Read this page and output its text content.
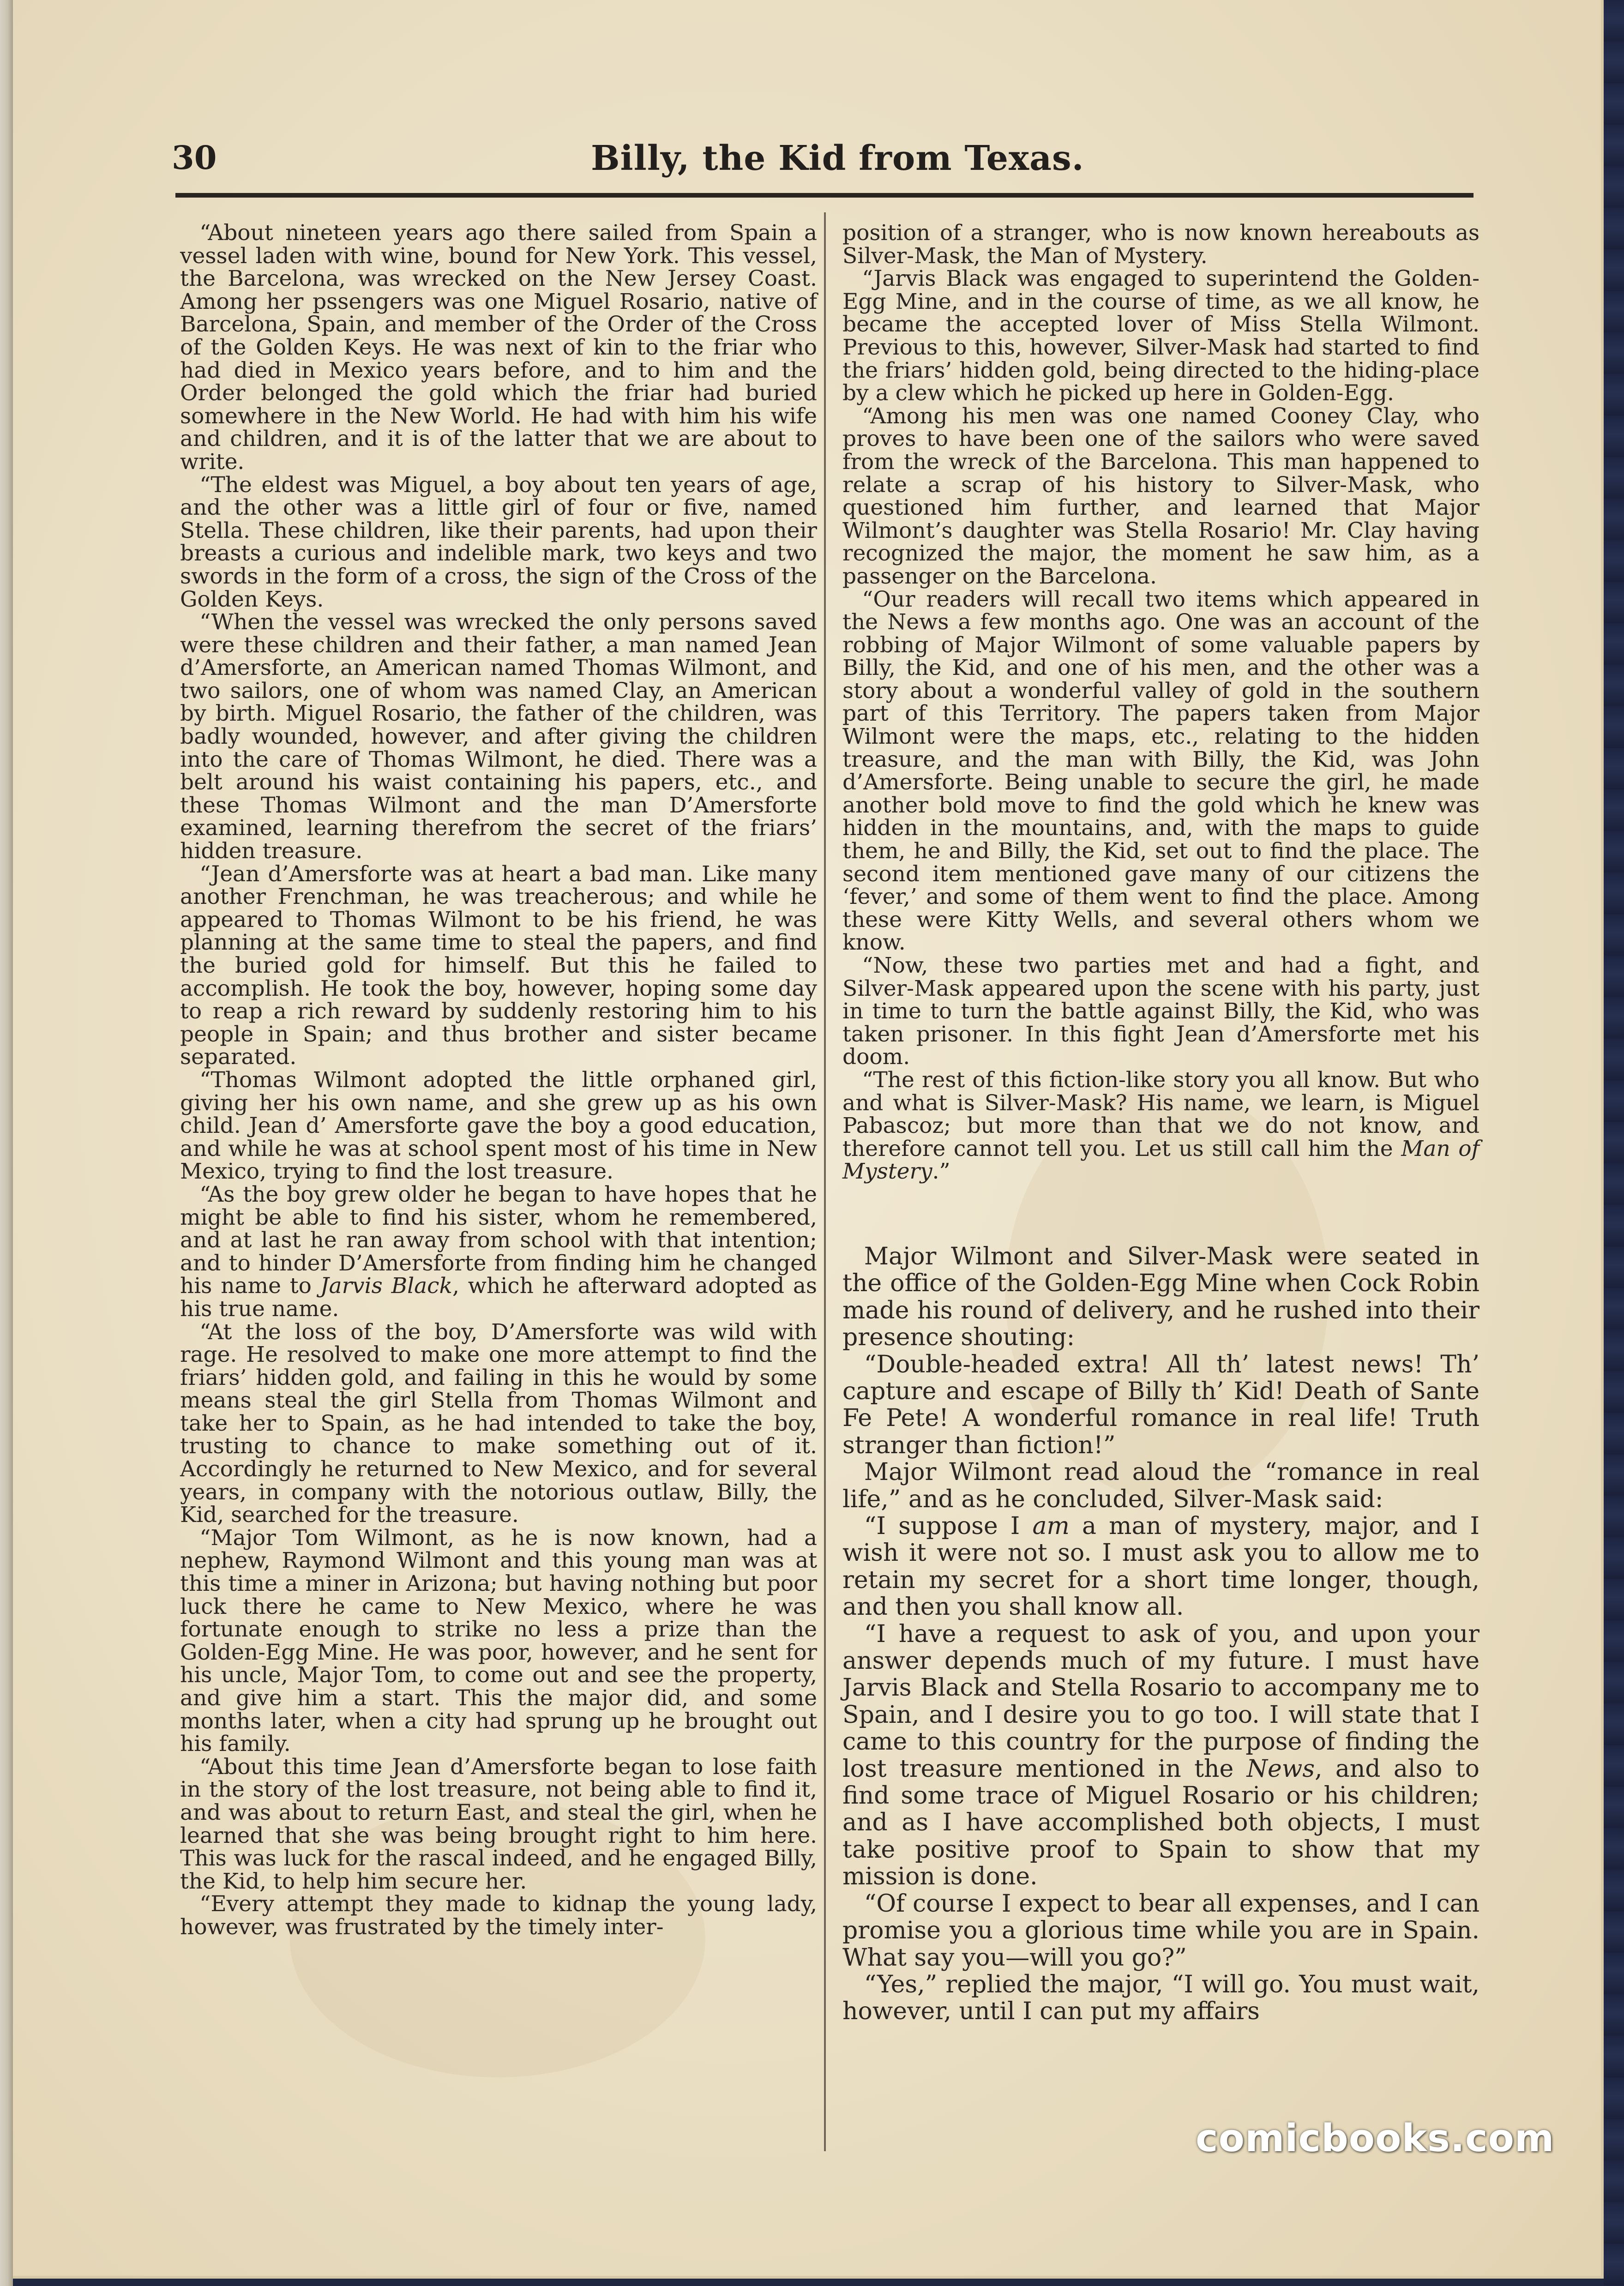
30	Billy, the Kid from Texas.

“About nineteen years ago there sailed from Spain a vessel laden with wine, bound for New York. This vessel, the Barcelona, was wrecked on the New Jersey Coast. Among her pssengers was one Miguel Rosario, native of Barcelona, Spain, and member of the Order of the Cross of the Golden Keys. He was next of kin to the friar who had died in Mexico years before, and to him and the Order belonged the gold which the friar had buried somewhere in the New World. He had with him his wife and children, and it is of the latter that we are about to write.

“The eldest was Miguel, a boy about ten years of age, and the other was a little girl of four or five, named Stella. These children, like their parents, had upon their breasts a curious and indelible mark, two keys and two swords in the form of a cross, the sign of the Cross of the Golden Keys.

“When the vessel was wrecked the only persons saved were these children and their father, a man named Jean d’Amersforte, an American named Thomas Wilmont, and two sailors, one of whom was named Clay, an American by birth. Miguel Rosario, the father of the children, was badly wounded, however, and after giving the children into the care of Thomas Wilmont, he died. There was a belt around his waist containing his papers, etc., and these Thomas Wilmont and the man D’Amersforte examined, learning therefrom the secret of the friars’ hidden treasure.

“Jean d’Amersforte was at heart a bad man. Like many another Frenchman, he was treacherous; and while he appeared to Thomas Wilmont to be his friend, he was planning at the same time to steal the papers, and find the buried gold for himself. But this he failed to accomplish. He took the boy, however, hoping some day to reap a rich reward by suddenly restoring him to his people in Spain; and thus brother and sister became separated.

“Thomas Wilmont adopted the little orphaned girl, giving her his own name, and she grew up as his own child. Jean d’ Amersforte gave the boy a good education, and while he was at school spent most of his time in New Mexico, trying to find the lost treasure.

“As the boy grew older he began to have hopes that he might be able to find his sister, whom he remembered, and at last he ran away from school with that intention; and to hinder D’Amersforte from finding him he changed his name to Jarvis Black, which he afterward adopted as his true name.

“At the loss of the boy, D’Amersforte was wild with rage. He resolved to make one more attempt to find the friars’ hidden gold, and failing in this he would by some means steal the girl Stella from Thomas Wilmont and take her to Spain, as he had intended to take the boy, trusting to chance to make something out of it. Accordingly he returned to New Mexico, and for several years, in company with the notorious outlaw, Billy, the Kid, searched for the treasure.

“Major Tom Wilmont, as he is now known, had a nephew, Raymond Wilmont and this young man was at this time a miner in Arizona; but having nothing but poor luck there he came to New Mexico, where he was fortunate enough to strike no less a prize than the Golden-Egg Mine. He was poor, however, and he sent for his uncle, Major Tom, to come out and see the property, and give him a start. This the major did, and some months later, when a city had sprung up he brought out his family.

“About this time Jean d’Amersforte began to lose faith in the story of the lost treasure, not being able to find it, and was about to return East, and steal the girl, when he learned that she was being brought right to him here. This was luck for the rascal indeed, and he engaged Billy, the Kid, to help him secure her.

“Every attempt they made to kidnap the young lady, however, was frustrated by the timely inter-

position of a stranger, who is now known hereabouts as Silver-Mask, the Man of Mystery.

“Jarvis Black was engaged to superintend the Golden-Egg Mine, and in the course of time, as we all know, he became the accepted lover of Miss Stella Wilmont. Previous to this, however, Silver-Mask had started to find the friars’ hidden gold, being directed to the hiding-place by a clew which he picked up here in Golden-Egg.

“Among his men was one named Cooney Clay, who proves to have been one of the sailors who were saved from the wreck of the Barcelona. This man happened to relate a scrap of his history to Silver-Mask, who questioned him further, and learned that Major Wilmont’s daughter was Stella Rosario! Mr. Clay having recognized the major, the moment he saw him, as a passenger on the Barcelona.

“Our readers will recall two items which appeared in the News a few months ago. One was an account of the robbing of Major Wilmont of some valuable papers by Billy, the Kid, and one of his men, and the other was a story about a wonderful valley of gold in the southern part of this Territory. The papers taken from Major Wilmont were the maps, etc., relating to the hidden treasure, and the man with Billy, the Kid, was John d’Amersforte. Being unable to secure the girl, he made another bold move to find the gold which he knew was hidden in the mountains, and, with the maps to guide them, he and Billy, the Kid, set out to find the place. The second item mentioned gave many of our citizens the ‘fever,’ and some of them went to find the place. Among these were Kitty Wells, and several others whom we know.

“Now, these two parties met and had a fight, and Silver-Mask appeared upon the scene with his party, just in time to turn the battle against Billy, the Kid, who was taken prisoner. In this fight Jean d’Amersforte met his doom.

“The rest of this fiction-like story you all know. But who and what is Silver-Mask? His name, we learn, is Miguel Pabascoz; but more than that we do not know, and therefore cannot tell you. Let us still call him the Man of Mystery.”

Major Wilmont and Silver-Mask were seated in the office of the Golden-Egg Mine when Cock Robin made his round of delivery, and he rushed into their presence shouting:

“Double-headed extra! All th’ latest news! Th’ capture and escape of Billy th’ Kid! Death of Sante Fe Pete! A wonderful romance in real life! Truth stranger than fiction!”

Major Wilmont read aloud the “romance in real life,” and as he concluded, Silver-Mask said:

“I suppose I am a man of mystery, major, and I wish it were not so. I must ask you to allow me to retain my secret for a short time longer, though, and then you shall know all.

“I have a request to ask of you, and upon your answer depends much of my future. I must have Jarvis Black and Stella Rosario to accompany me to Spain, and I desire you to go too. I will state that I came to this country for the purpose of finding the lost treasure mentioned in the News, and also to find some trace of Miguel Rosario or his children; and as I have accomplished both objects, I must take positive proof to Spain to show that my mission is done.

“Of course I expect to bear all expenses, and I can promise you a glorious time while you are in Spain. What say you—will you go?”

“Yes,” replied the major, “I will go. You must wait, however, until I can put my affairs

comicbooks.com
